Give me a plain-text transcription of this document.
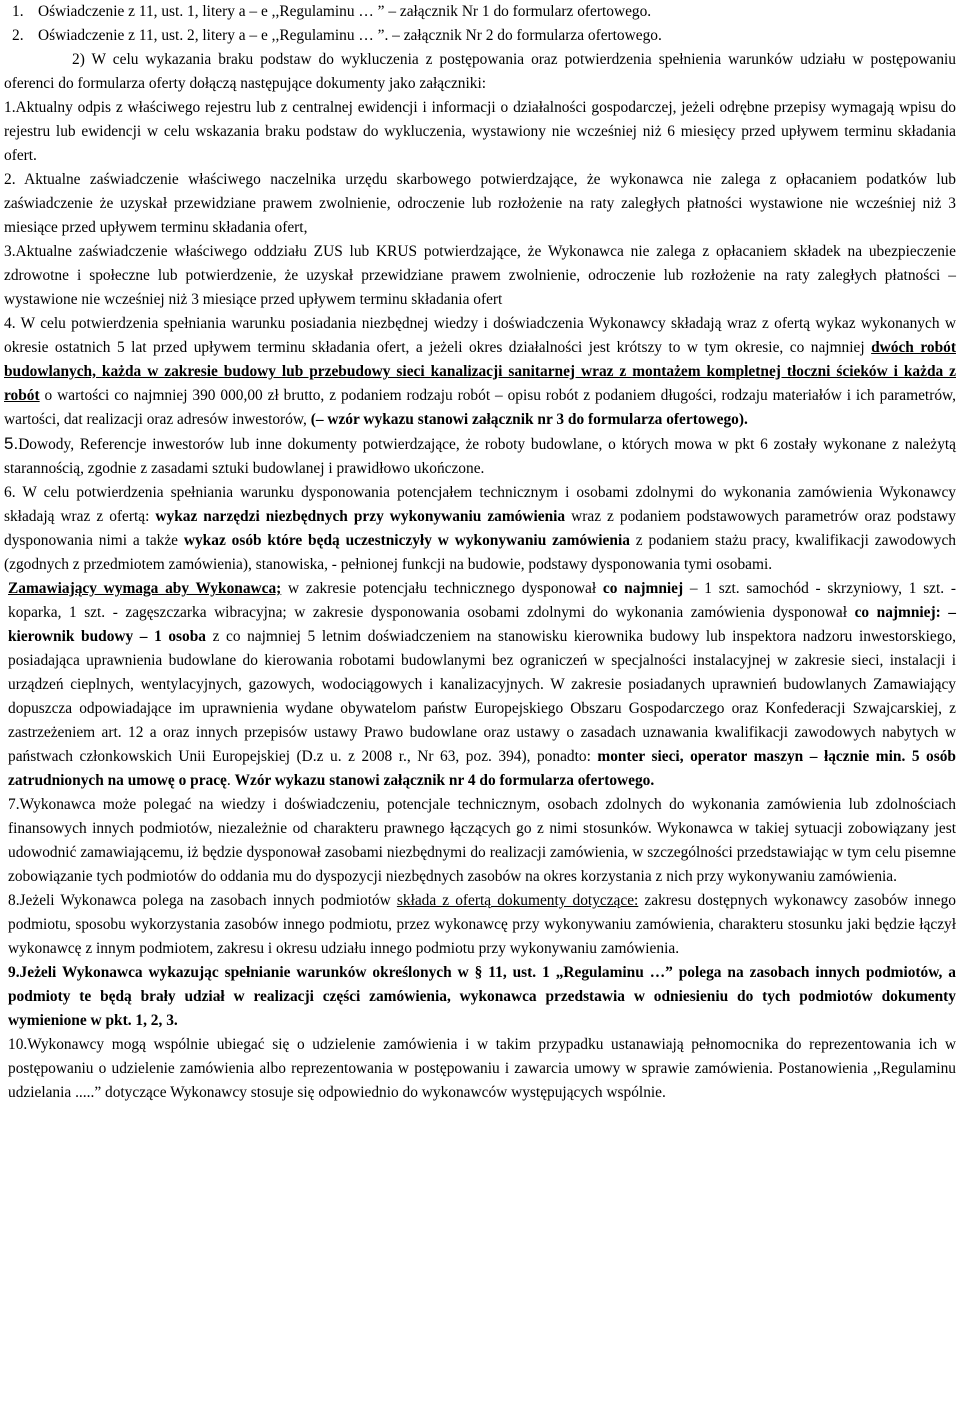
1. Oświadczenie z 11, ust. 1, litery a – e ,,Regulaminu … ” – załącznik Nr 1 do formularz ofertowego.

2. Oświadczenie z 11, ust. 2, litery a – e ,,Regulaminu … ”. – załącznik Nr 2 do formularza ofertowego.

2) W celu wykazania braku podstaw do wykluczenia z postępowania oraz potwierdzenia spełnienia warunków udziału w postępowaniu oferenci do formularza oferty dołączą następujące dokumenty jako załączniki:

1.Aktualny odpis z właściwego rejestru lub z centralnej ewidencji i informacji o działalności gospodarczej, jeżeli odrębne przepisy wymagają wpisu do rejestru lub ewidencji w celu wskazania braku podstaw do wykluczenia, wystawiony nie wcześniej niż 6 miesięcy przed upływem terminu składania ofert.

2. Aktualne zaświadczenie właściwego naczelnika urzędu skarbowego potwierdzające, że wykonawca nie zalega z opłacaniem podatków lub zaświadczenie że uzyskał przewidziane prawem zwolnienie, odroczenie lub rozłożenie na raty zaległych płatności wystawione nie wcześniej niż 3 miesiące przed upływem terminu składania ofert,

3.Aktualne zaświadczenie właściwego oddziału ZUS lub KRUS potwierdzające, że Wykonawca nie zalega z opłacaniem składek na ubezpieczenie zdrowotne i społeczne lub potwierdzenie, że uzyskał przewidziane prawem zwolnienie, odroczenie lub rozłożenie na raty zaległych płatności – wystawione nie wcześniej niż 3 miesiące przed upływem terminu składania ofert

4. W celu potwierdzenia spełniania warunku posiadania niezbędnej wiedzy i doświadczenia Wykonawcy składają wraz z ofertą wykaz wykonanych w okresie ostatnich 5 lat przed upływem terminu składania ofert, a jeżeli okres działalności jest krótszy to w tym okresie, co najmniej dwóch robót budowlanych, każda w zakresie budowy lub przebudowy sieci kanalizacji sanitarnej wraz z montażem kompletnej tłoczni ścieków i każda z robót o wartości co najmniej 390 000,00 zł brutto, z podaniem rodzaju robót – opisu robót z podaniem długości, rodzaju materiałów i ich parametrów, wartości, dat realizacji oraz adresów inwestorów, (– wzór wykazu stanowi załącznik nr 3 do formularza ofertowego).

5.Dowody, Referencje inwestorów lub inne dokumenty potwierdzające, że roboty budowlane, o których mowa w pkt 6 zostały wykonane z należytą starannością, zgodnie z zasadami sztuki budowlanej i prawidłowo ukończone.

6. W celu potwierdzenia spełniania warunku dysponowania potencjałem technicznym i osobami zdolnymi do wykonania zamówienia Wykonawcy składają wraz z ofertą: wykaz narzędzi niezbędnych przy wykonywaniu zamówienia wraz z podaniem podstawowych parametrów oraz podstawy dysponowania nimi a także wykaz osób które będą uczestniczyły w wykonywaniu zamówienia z podaniem stażu pracy, kwalifikacji zawodowych (zgodnych z przedmiotem zamówienia), stanowiska, - pełnionej funkcji na budowie, podstawy dysponowania tymi osobami.

Zamawiający wymaga aby Wykonawca; w zakresie potencjału technicznego dysponował co najmniej – 1 szt. samochód - skrzyniowy, 1 szt. - koparka, 1 szt. - zagęszczarka wibracyjna; w zakresie dysponowania osobami zdolnymi do wykonania zamówienia dysponował co najmniej: – kierownik budowy – 1 osoba z co najmniej 5 letnim doświadczeniem na stanowisku kierownika budowy lub inspektora nadzoru inwestorskiego, posiadająca uprawnienia budowlane do kierowania robotami budowlanymi bez ograniczeń w specjalności instalacyjnej w zakresie sieci, instalacji i urządzeń cieplnych, wentylacyjnych, gazowych, wodociągowych i kanalizacyjnych. W zakresie posiadanych uprawnień budowlanych Zamawiający dopuszcza odpowiadające im uprawnienia wydane obywatelom państw Europejskiego Obszaru Gospodarczego oraz Konfederacji Szwajcarskiej, z zastrzeżeniem art. 12 a oraz innych przepisów ustawy Prawo budowlane oraz ustawy o zasadach uznawania kwalifikacji zawodowych nabytych w państwach członkowskich Unii Europejskiej (D.z u. z 2008 r., Nr 63, poz. 394), ponadto: monter sieci, operator maszyn – łącznie min. 5 osób zatrudnionych na umowę o pracę. Wzór wykazu stanowi załącznik nr 4 do formularza ofertowego.

7.Wykonawca może polegać na wiedzy i doświadczeniu, potencjale technicznym, osobach zdolnych do wykonania zamówienia lub zdolnościach finansowych innych podmiotów, niezależnie od charakteru prawnego łączących go z nimi stosunków. Wykonawca w takiej sytuacji zobowiązany jest udowodnić zamawiającemu, iż będzie dysponował zasobami niezbędnymi do realizacji zamówienia, w szczególności przedstawiając w tym celu pisemne zobowiązanie tych podmiotów do oddania mu do dyspozycji niezbędnych zasobów na okres korzystania z nich przy wykonywaniu zamówienia.

8.Jeżeli Wykonawca polega na zasobach innych podmiotów składa z ofertą dokumenty dotyczące: zakresu dostępnych wykonawcy zasobów innego podmiotu, sposobu wykorzystania zasobów innego podmiotu, przez wykonawcę przy wykonywaniu zamówienia, charakteru stosunku jaki będzie łączył wykonawcę z innym podmiotem, zakresu i okresu udziału innego podmiotu przy wykonywaniu zamówienia.

9.Jeżeli Wykonawca wykazując spełnianie warunków określonych w § 11, ust. 1 „Regulaminu …” polega na zasobach innych podmiotów, a podmioty te będą brały udział w realizacji części zamówienia, wykonawca przedstawia w odniesieniu do tych podmiotów dokumenty wymienione w pkt. 1, 2, 3.

10.Wykonawcy mogą wspólnie ubiegać się o udzielenie zamówienia i w takim przypadku ustanawiają pełnomocnika do reprezentowania ich w postępowaniu o udzielenie zamówienia albo reprezentowania w postępowaniu i zawarcia umowy w sprawie zamówienia. Postanowienia ,,Regulaminu udzielania .....” dotyczące Wykonawcy stosuje się odpowiednio do wykonawców występujących wspólnie.
